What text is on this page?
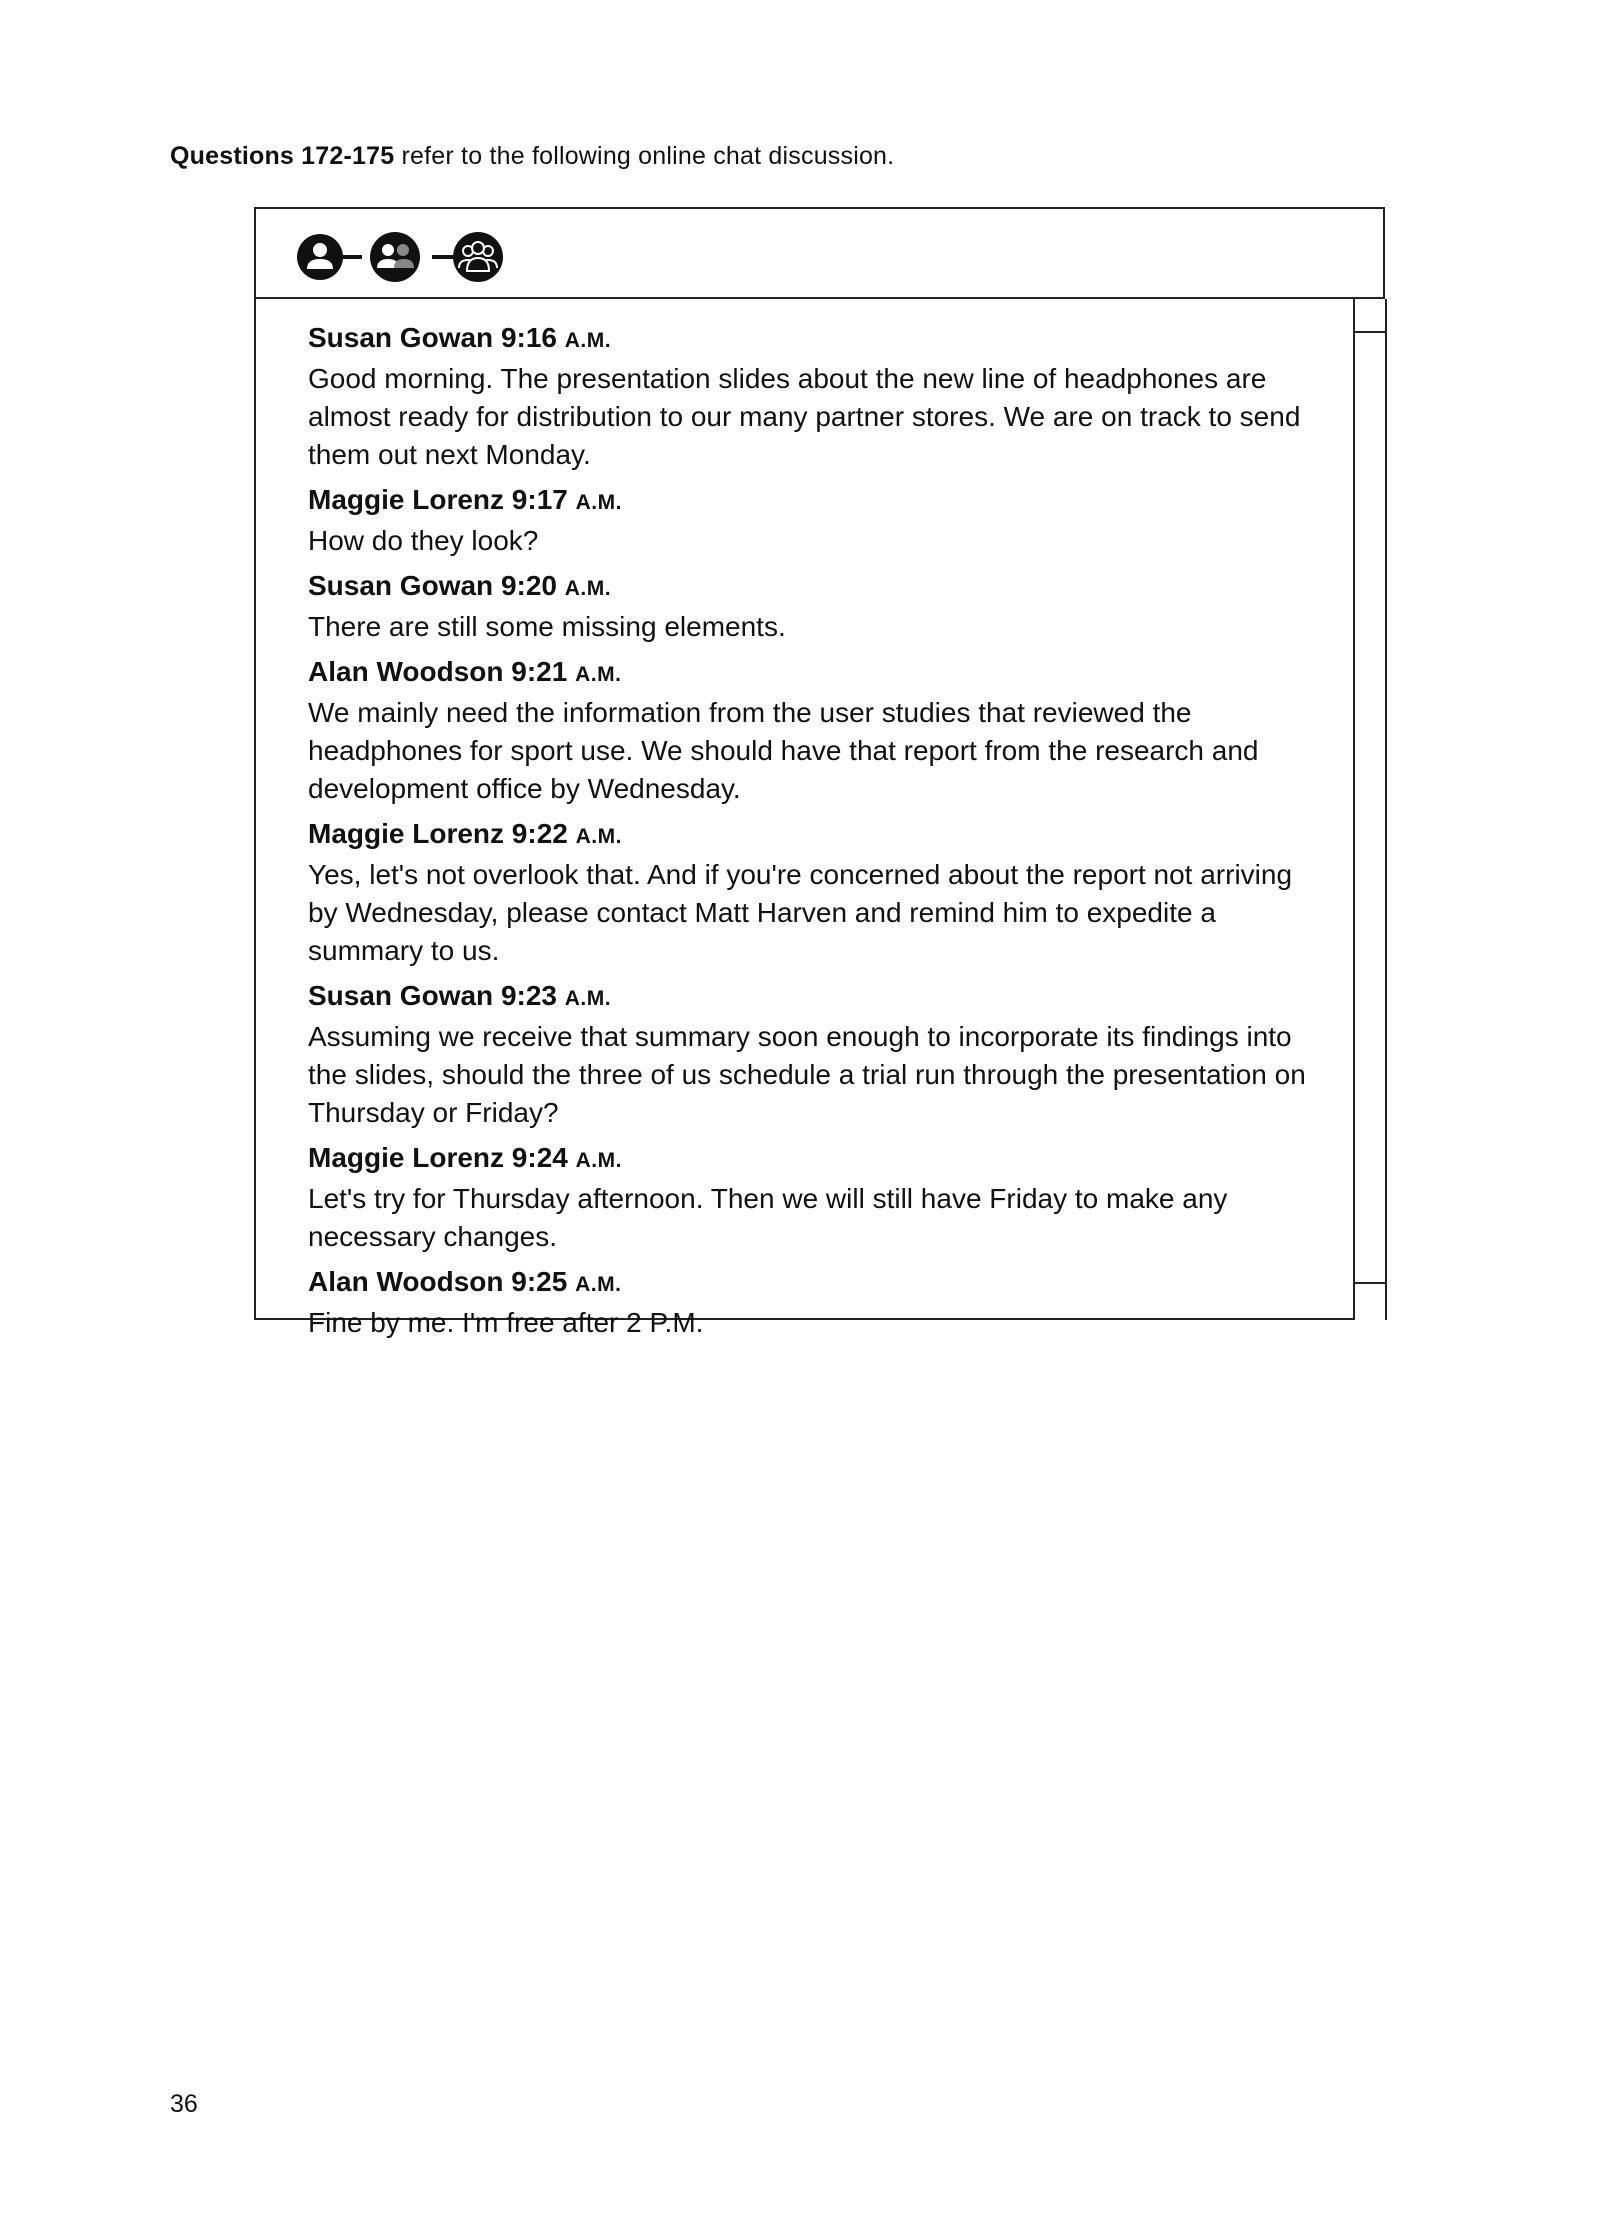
Questions 172-175 refer to the following online chat discussion.
Susan Gowan 9:16 A.M.
Good morning. The presentation slides about the new line of headphones are almost ready for distribution to our many partner stores. We are on track to send them out next Monday.
Maggie Lorenz 9:17 A.M.
How do they look?
Susan Gowan 9:20 A.M.
There are still some missing elements.
Alan Woodson 9:21 A.M.
We mainly need the information from the user studies that reviewed the headphones for sport use. We should have that report from the research and development office by Wednesday.
Maggie Lorenz 9:22 A.M.
Yes, let's not overlook that. And if you're concerned about the report not arriving by Wednesday, please contact Matt Harven and remind him to expedite a summary to us.
Susan Gowan 9:23 A.M.
Assuming we receive that summary soon enough to incorporate its findings into the slides, should the three of us schedule a trial run through the presentation on Thursday or Friday?
Maggie Lorenz 9:24 A.M.
Let's try for Thursday afternoon. Then we will still have Friday to make any necessary changes.
Alan Woodson 9:25 A.M.
Fine by me. I'm free after 2 P.M.
36
